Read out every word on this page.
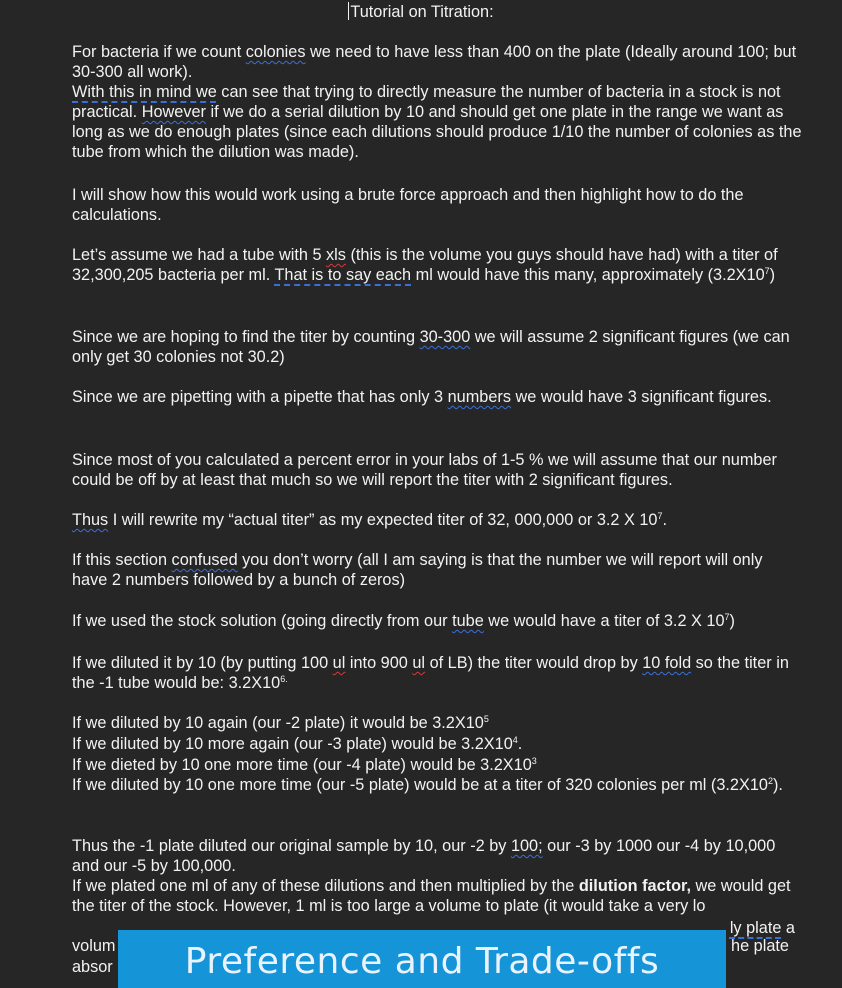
Tutorial on Titration:

For bacteria if we count colonies we need to have less than 400 on the plate (Ideally around 100; but 30-300 all work).

With this in mind we can see that trying to directly measure the number of bacteria in a stock is not practical. However if we do a serial dilution by 10 and should get one plate in the range we want as long as we do enough plates (since each dilutions should produce 1/10 the number of colonies as the tube from which the dilution was made).

I will show how this would work using a brute force approach and then highlight how to do the calculations.

Let’s assume we had a tube with 5 xls (this is the volume you guys should have had) with a titer of 32,300,205 bacteria per ml. That is to say each ml would have this many, approximately $(3.2X10^7)$

Since we are hoping to find the titer by counting 30-300 we will assume 2 significant figures (we can only get 30 colonies not 30.2)

Since we are pipetting with a pipette that has only 3 numbers we would have 3 significant figures.

Since most of you calculated a percent error in your labs of 1-5 % we will assume that our number could be off by at least that much so we will report the titer with 2 significant figures.

Thus I will rewrite my “actual titer” as my expected titer of 32, 000,000 or 3.2 X $10^7$.

If this section confused you don’t worry (all I am saying is that the number we will report will only have 2 numbers followed by a bunch of zeros)

If we used the stock solution (going directly from our tube we would have a titer of 3.2 X $10^7$)

If we diluted it by 10 (by putting 100 ul into 900 ul of LB) the titer would drop by 10 fold so the titer in the -1 tube would be: $3.2X10^{6.}$

If we diluted by 10 again (our -2 plate) it would be $3.2X10^5$

If we diluted by 10 more again (our -3 plate) would be $3.2X10^4$.

If we dieted by 10 one more time (our -4 plate) would be $3.2X10^3$

If we diluted by 10 one more time (our -5 plate) would be at a titer of 320 colonies per ml $(3.2X10^2)$.

Thus the -1 plate diluted our original sample by 10, our -2 by 100; our -3 by 1000 our -4 by 10,000 and our -5 by 100,000.

If we plated one ml of any of these dilutions and then multiplied by the dilution factor, we would get the titer of the stock. However, 1 ml is too large a volume to plate (it would take a very lo

ly plate a

volum	he plate

absor	Preference and Trade-offs
